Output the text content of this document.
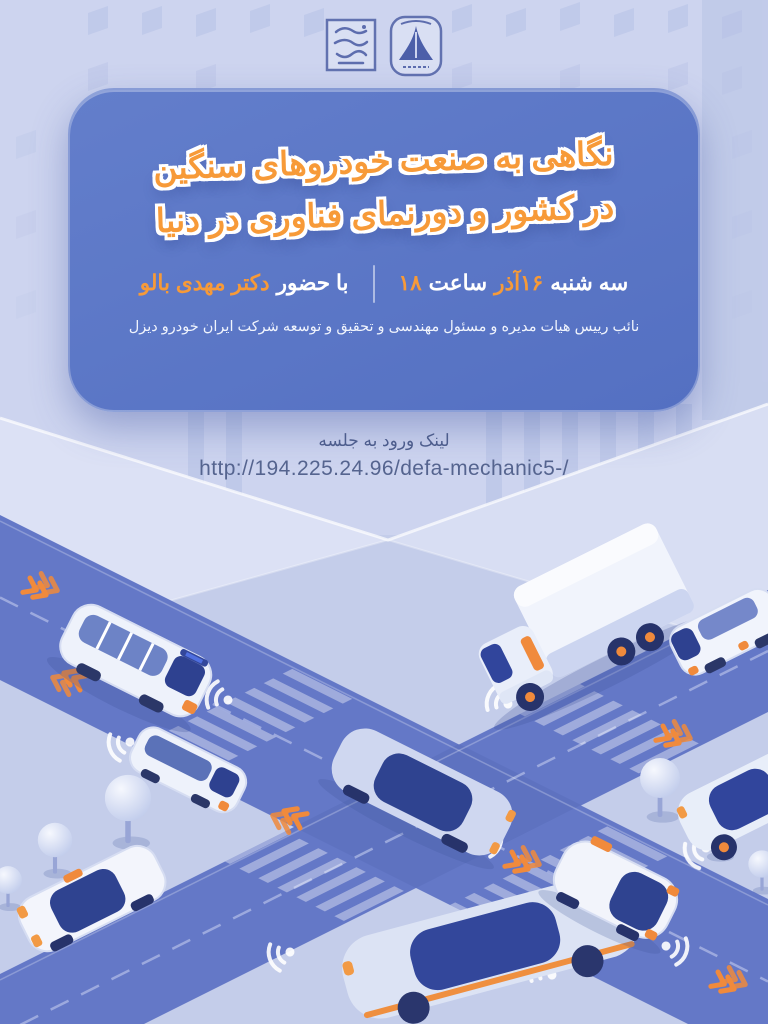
نگاهی به صنعت خودروهای سنگین
در کشور و دورنمای فناوری در دنیا
سه شنبه
۱۶آذر
ساعت
۱۸
با حضور
دکتر مهدی بالو
نائب رییس هیات مدیره و مسئول مهندسی و تحقیق و توسعه شرکت ایران خودرو دیزل
لینک ورود به جلسه
http://194.225.24.96/defa-mechanic5-/
